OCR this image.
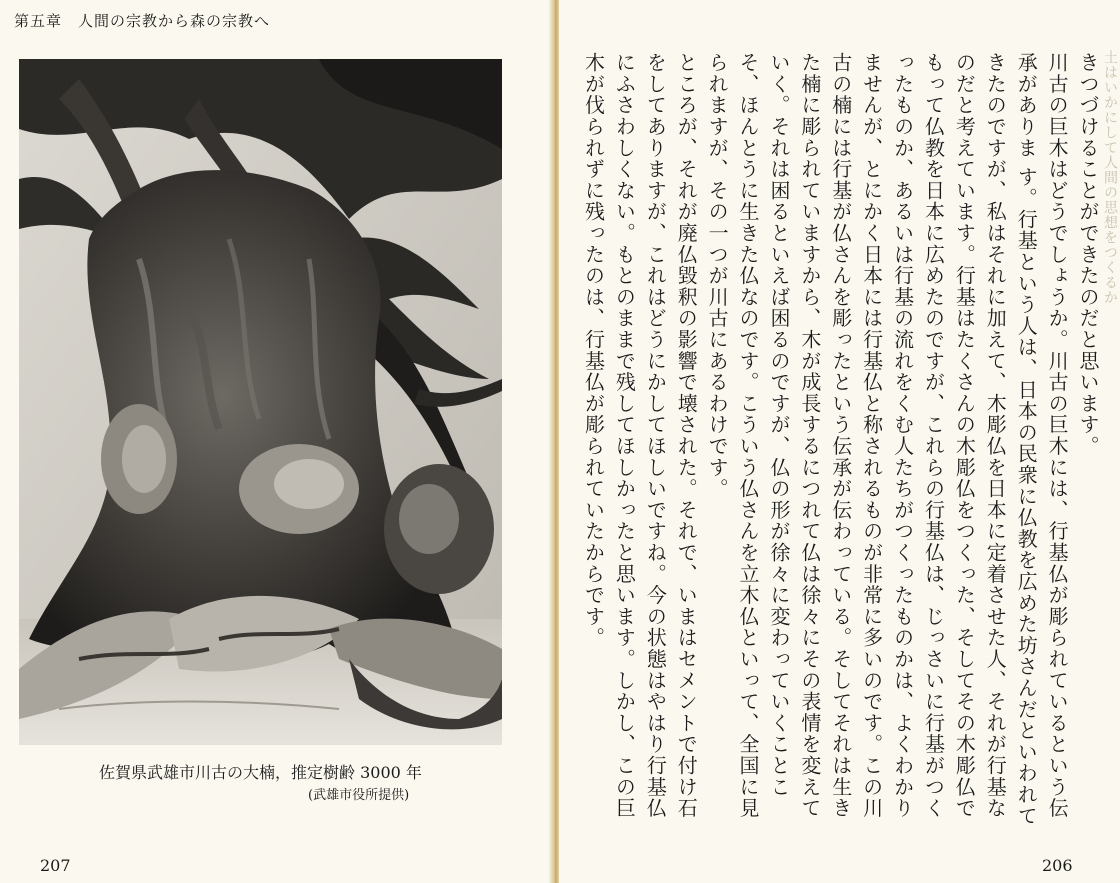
第五章　人間の宗教から森の宗教へ
佐賀県武雄市川古の大楠，推定樹齢 3000 年
(武雄市役所提供)
207

きつづけることができたのだと思います。

川古の巨木はどうでしょうか。川古の巨木には、行基仏が彫られているという伝承がありま す。行基という人は、日本の民衆に仏教を広めた坊さんだといわれてきたのですが、私はそれに加えて、木彫仏を日本に定着させた人、それが行基なのだと考えています。行基はたくさんの木彫仏をつくった、そしてその木彫仏でもって仏教を日本に広めたのですが、これらの行基仏は、じっさいに行基がつくったものか、あるいは行基の流れをくむ人たちがつくったものかは、よくわかりませんが、とにかく日本には行基仏と称されるものが非常に多いのです。この川古の楠には行基が仏さんを彫ったという伝承が伝わっている。そしてそれは生きた楠に彫られていますから、木が成長するにつれて仏は徐々にその表情を変えていく。それは困るといえば困るのですが、仏の形が徐々に変わっていくことこそ、ほんとうに生きた仏なのです。こういう仏さんを立木仏といって、全国に見られますが、その一つが川古にあるわけです。

ところが、それが廃仏毀釈の影響で壊された。それで、いまはセメントで付け石をしてありますが、これはどうにかしてほしいですね。今の状態はやはり行基仏にふさわしくない。もとのままで残してほしかったと思います。しかし、この巨木が伐られずに残ったのは、行基仏が彫られていたからです。	土はいかにして人間の思想をつくるか
206
